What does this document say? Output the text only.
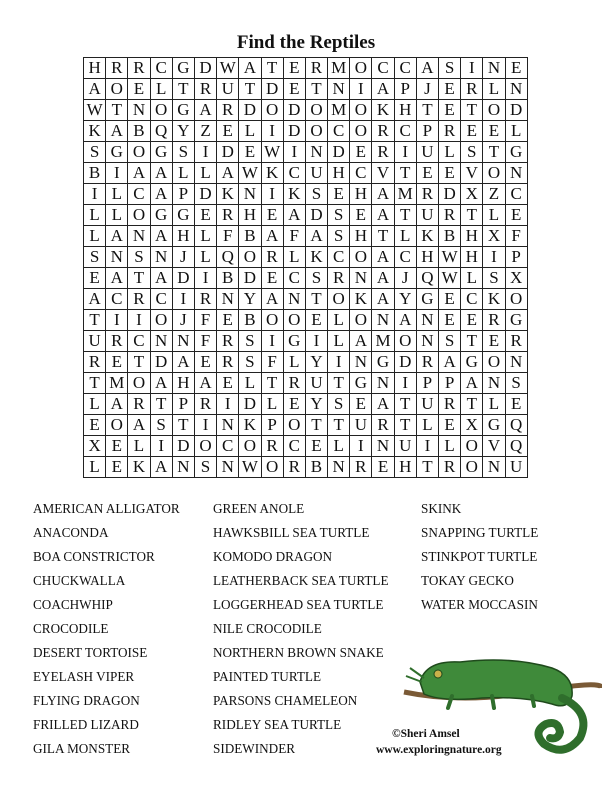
Find the Reptiles
H	R	R	C	G	D	W	A	T	E	R	M	O	C	C	A	S	I	N	E
A	O	E	L	T	R	U	T	D	E	T	N	I	A	P	J	E	R	L	N
W	T	N	O	G	A	R	D	O	D	O	M	O	K	H	T	E	T	O	D
K	A	B	Q	Y	Z	E	L	I	D	O	C	O	R	C	P	R	E	E	L
S	G	O	G	S	I	D	E	W	I	N	D	E	R	I	U	L	S	T	G
B	I	A	A	L	L	A	W	K	C	U	H	C	V	T	E	E	V	O	N
I	L	C	A	P	D	K	N	I	K	S	E	H	A	M	R	D	X	Z	C
L	L	O	G	G	E	R	H	E	A	D	S	E	A	T	U	R	T	L	E
L	A	N	A	H	L	F	B	A	F	A	S	H	T	L	K	B	H	X	F
S	N	S	N	J	L	Q	O	R	L	K	C	O	A	C	H	W	H	I	P
E	A	T	A	D	I	B	D	E	C	S	R	N	A	J	Q	W	L	S	X
A	C	R	C	I	R	N	Y	A	N	T	O	K	A	Y	G	E	C	K	O
T	I	I	O	J	F	E	B	O	O	E	L	O	N	A	N	E	E	R	G
U	R	C	N	N	F	R	S	I	G	I	L	A	M	O	N	S	T	E	R
R	E	T	D	A	E	R	S	F	L	Y	I	N	G	D	R	A	G	O	N
T	M	O	A	H	A	E	L	T	R	U	T	G	N	I	P	P	A	N	S
L	A	R	T	P	R	I	D	L	E	Y	S	E	A	T	U	R	T	L	E
E	O	A	S	T	I	N	K	P	O	T	T	U	R	T	L	E	X	G	Q
X	E	L	I	D	O	C	O	R	C	E	L	I	N	U	I	L	O	V	Q
L	E	K	A	N	S	N	W	O	R	B	N	R	E	H	T	R	O	N	U
AMERICAN ALLIGATOR
ANACONDA
BOA CONSTRICTOR
CHUCKWALLA
COACHWHIP
CROCODILE
DESERT TORTOISE
EYELASH VIPER
FLYING DRAGON
FRILLED LIZARD
GILA MONSTER
GREEN ANOLE
HAWKSBILL SEA TURTLE
KOMODO DRAGON
LEATHERBACK SEA TURTLE
LOGGERHEAD SEA TURTLE
NILE CROCODILE
NORTHERN BROWN SNAKE
PAINTED TURTLE
PARSONS CHAMELEON
RIDLEY SEA TURTLE
SIDEWINDER
SKINK
SNAPPING TURTLE
STINKPOT TURTLE
TOKAY GECKO
WATER MOCCASIN
©Sheri Amsel
www.exploringnature.org
